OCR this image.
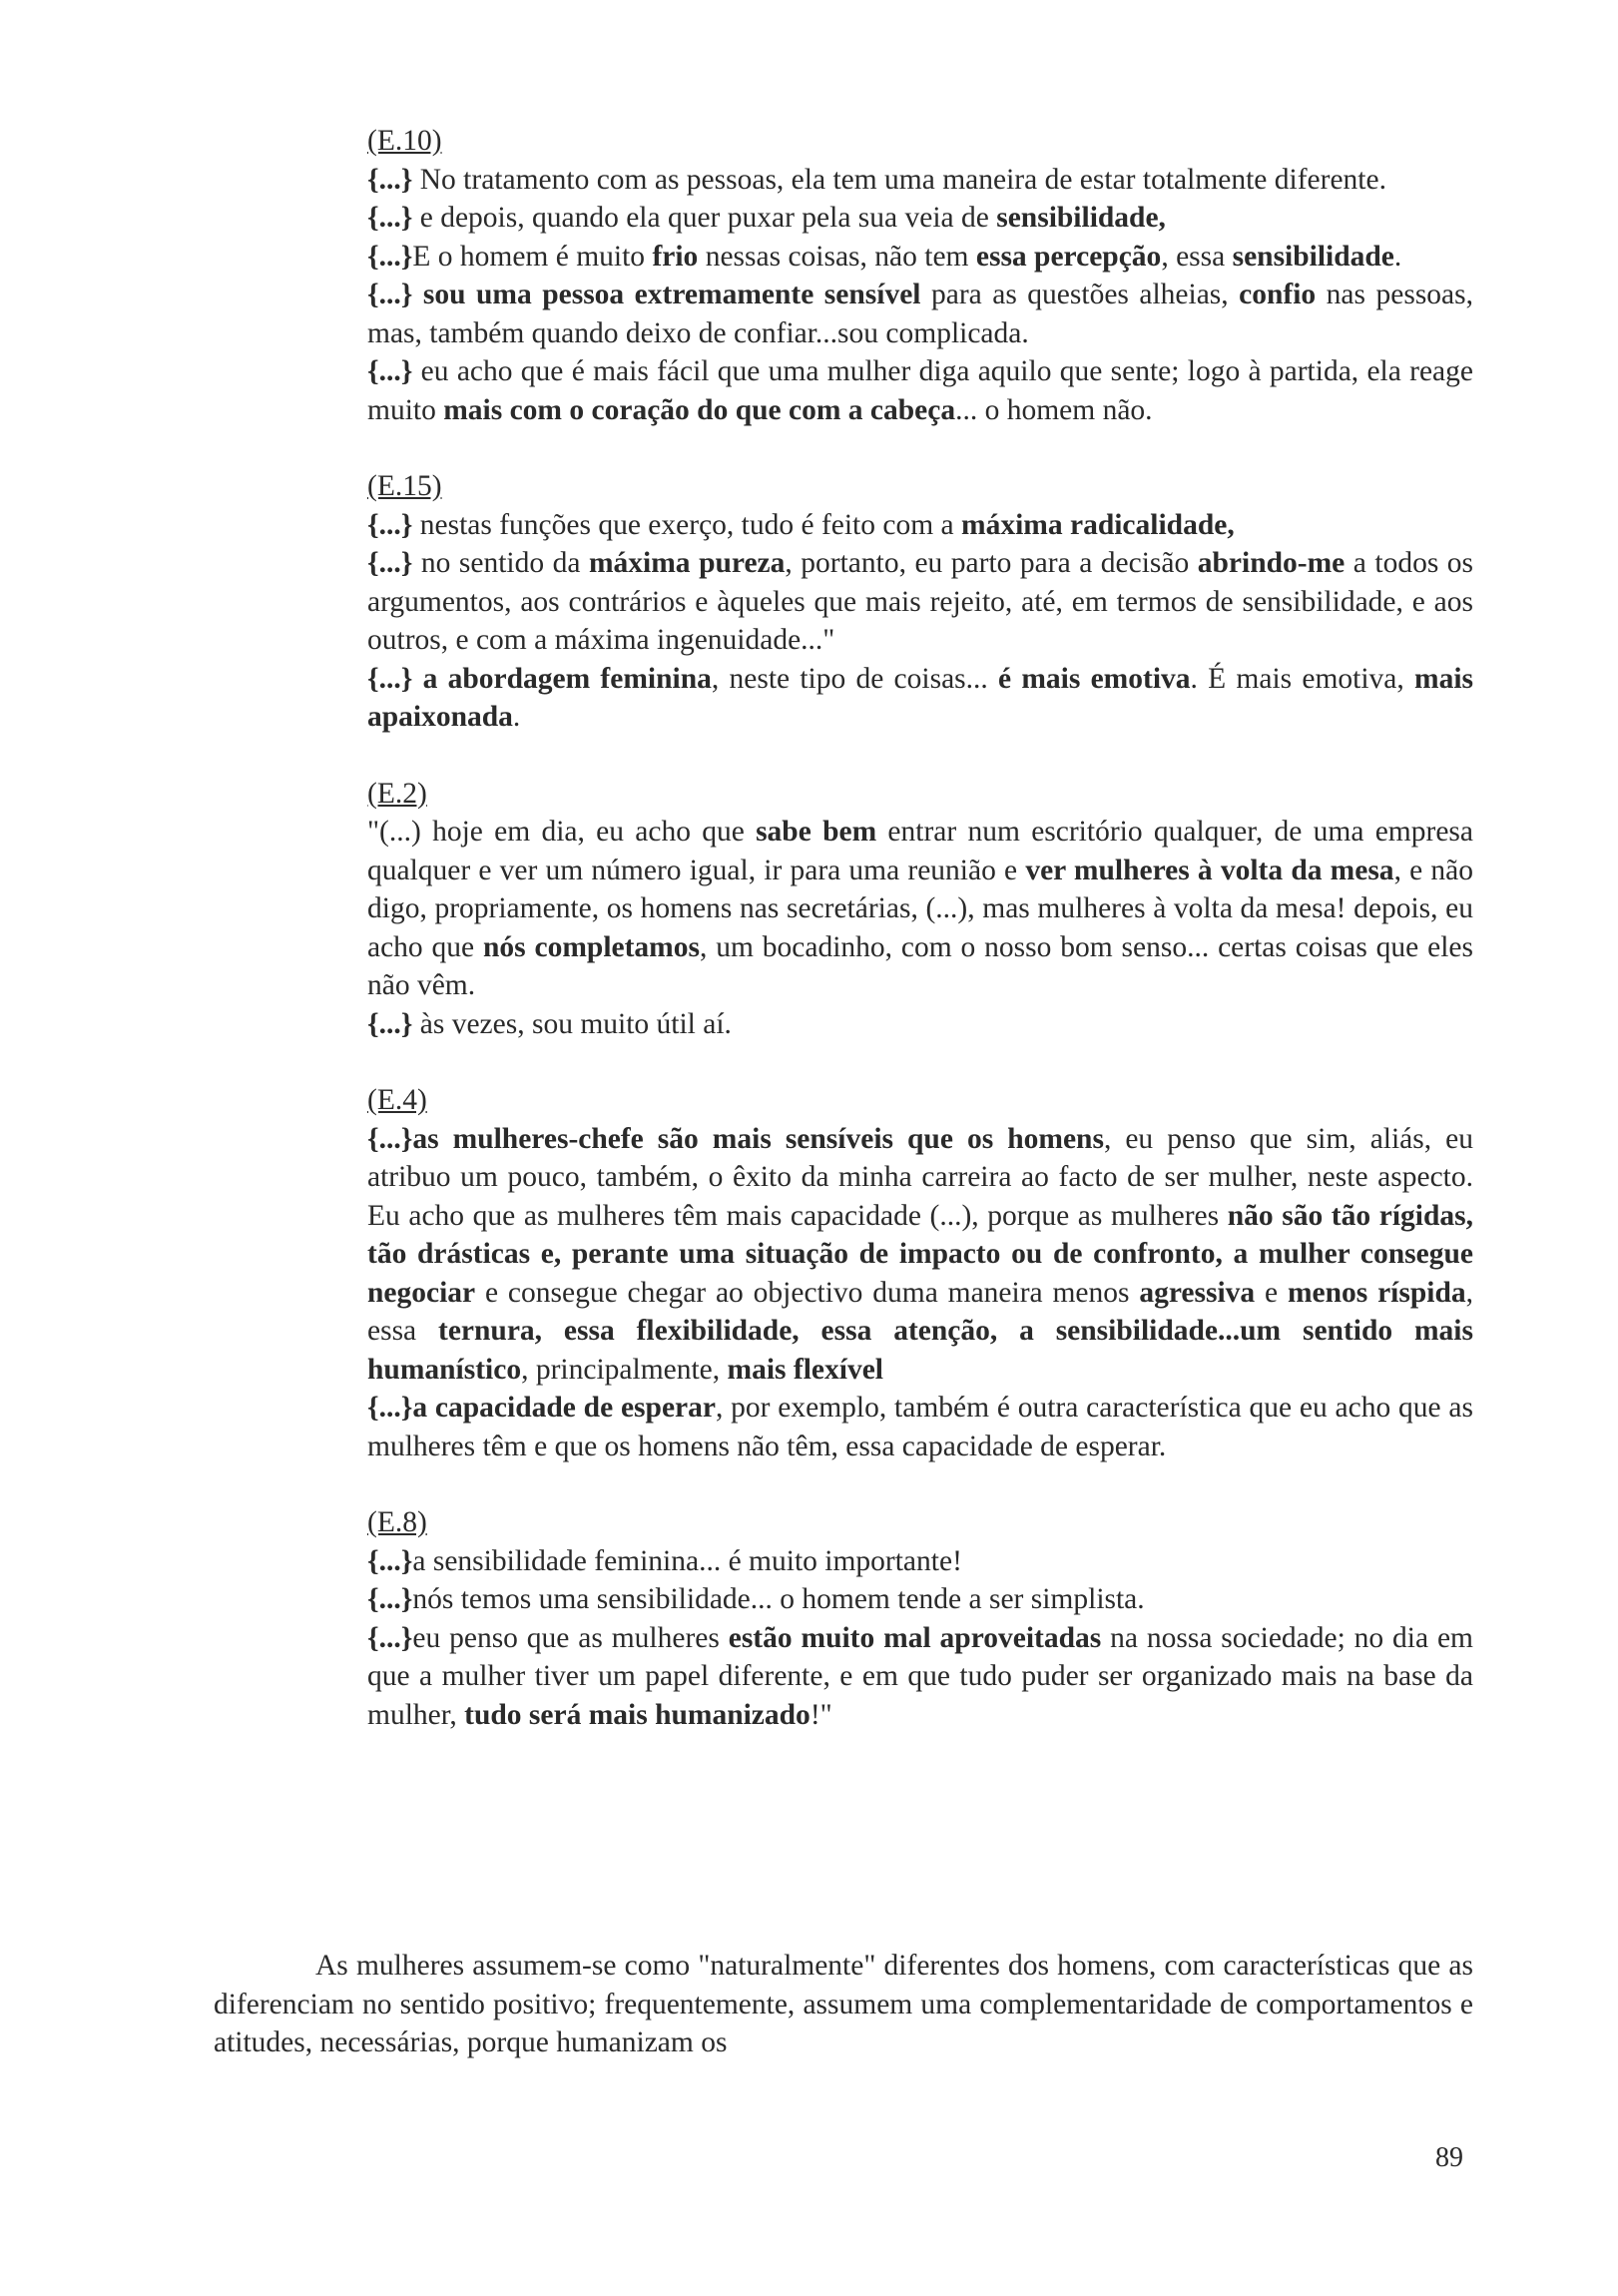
(E.10)

{...} No tratamento com as pessoas, ela tem uma maneira de estar totalmente diferente.

{...} e depois, quando ela quer puxar pela sua veia de sensibilidade,

{...}E o homem é muito frio nessas coisas, não tem essa percepção, essa sensibilidade.

{...} sou uma pessoa extremamente sensível para as questões alheias, confio nas pessoas, mas, também quando deixo de confiar...sou complicada.

{...} eu acho que é mais fácil que uma mulher diga aquilo que sente; logo à partida, ela reage muito mais com o coração do que com a cabeça... o homem não.

(E.15)

{...} nestas funções que exerço, tudo é feito com a máxima radicalidade,

{...} no sentido da máxima pureza, portanto, eu parto para a decisão abrindo-me a todos os argumentos, aos contrários e àqueles que mais rejeito, até, em termos de sensibilidade, e aos outros, e com a máxima ingenuidade..."

{...} a abordagem feminina, neste tipo de coisas... é mais emotiva. É mais emotiva, mais apaixonada.

(E.2)

"(...) hoje em dia, eu acho que sabe bem entrar num escritório qualquer, de uma empresa qualquer e ver um número igual, ir para uma reunião e ver mulheres à volta da mesa, e não digo, propriamente, os homens nas secretárias, (...), mas mulheres à volta da mesa! depois, eu acho que nós completamos, um bocadinho, com o nosso bom senso... certas coisas que eles não vêm.

{...} às vezes, sou muito útil aí.

(E.4)

{...}as mulheres-chefe são mais sensíveis que os homens, eu penso que sim, aliás, eu atribuo um pouco, também, o êxito da minha carreira ao facto de ser mulher, neste aspecto. Eu acho que as mulheres têm mais capacidade (...), porque as mulheres não são tão rígidas, tão drásticas e, perante uma situação de impacto ou de confronto, a mulher consegue negociar e consegue chegar ao objectivo duma maneira menos agressiva e menos ríspida, essa ternura, essa flexibilidade, essa atenção, a sensibilidade...um sentido mais humanístico, principalmente, mais flexível

{...}a capacidade de esperar, por exemplo, também é outra característica que eu acho que as mulheres têm e que os homens não têm, essa capacidade de esperar.

(E.8)

{...}a sensibilidade feminina... é muito importante!

{...}nós temos uma sensibilidade... o homem tende a ser simplista.

{...}eu penso que as mulheres estão muito mal aproveitadas na nossa sociedade; no dia em que a mulher tiver um papel diferente, e em que tudo puder ser organizado mais na base da mulher, tudo será mais humanizado!"

As mulheres assumem-se como "naturalmente" diferentes dos homens, com características que as diferenciam no sentido positivo; frequentemente, assumem uma complementaridade de comportamentos e atitudes, necessárias, porque humanizam os

89
